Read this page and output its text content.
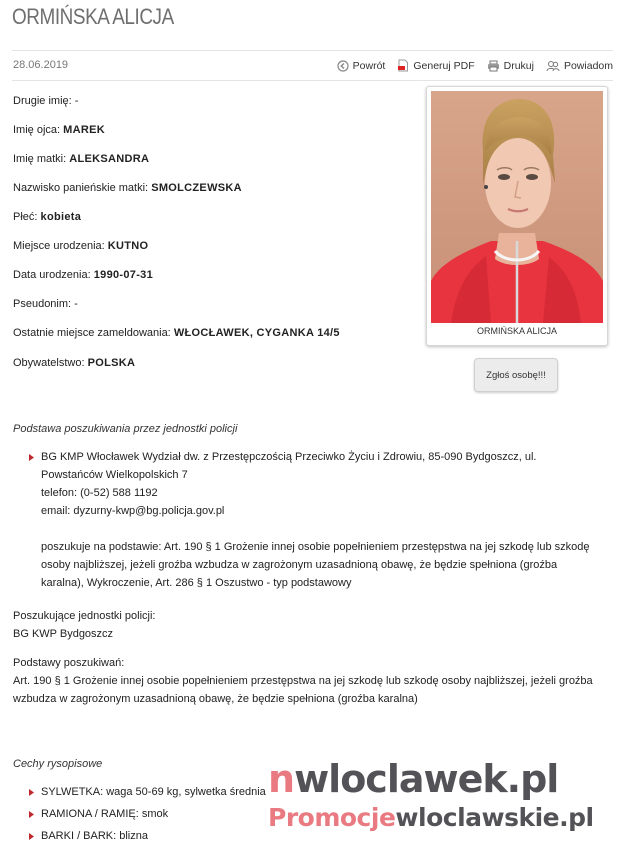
ORMIŃSKA ALICJA
28.06.2019	Powrót	Generuj PDF	Drukuj	Powiadom
Drugie imię: -
Imię ojca: MAREK
Imię matki: ALEKSANDRA
Nazwisko panieńskie matki: SMOLCZEWSKA
Płeć: kobieta
Miejsce urodzenia: KUTNO
Data urodzenia: 1990-07-31
Pseudonim: -
Ostatnie miejsce zameldowania: WŁOCŁAWEK, CYGANKA 14/5
Obywatelstwo: POLSKA
ORMIŃSKA ALICJA
Zgłoś osobę!!!
Podstawa poszukiwania przez jednostki policji
BG KMP Włocławek Wydział dw. z Przestępczością Przeciwko Życiu i Zdrowiu, 85-090 Bydgoszcz, ul.
Powstańców Wielkopolskich 7
telefon: (0-52) 588 1192
email: dyzurny-kwp@bg.policja.gov.pl
poszukuje na podstawie: Art. 190 § 1 Grożenie innej osobie popełnieniem przestępstwa na jej szkodę lub szkodę
osoby najbliższej, jeżeli groźba wzbudza w zagrożonym uzasadnioną obawę, że będzie spełniona (groźba
karalna), Wykroczenie, Art. 286 § 1 Oszustwo - typ podstawowy
Poszukujące jednostki policji:
BG KWP Bydgoszcz
Podstawy poszukiwań:
Art. 190 § 1 Grożenie innej osobie popełnieniem przestępstwa na jej szkodę lub szkodę osoby najbliższej, jeżeli groźba
wzbudza w zagrożonym uzasadnioną obawę, że będzie spełniona (groźba karalna)
Cechy rysopisowe
SYLWETKA: waga 50-69 kg, sylwetka średnia
RAMIONA / RAMIĘ: smok
BARKI / BARK: blizna
nwloclawek.pl
Promocjewloclawskie.pl
